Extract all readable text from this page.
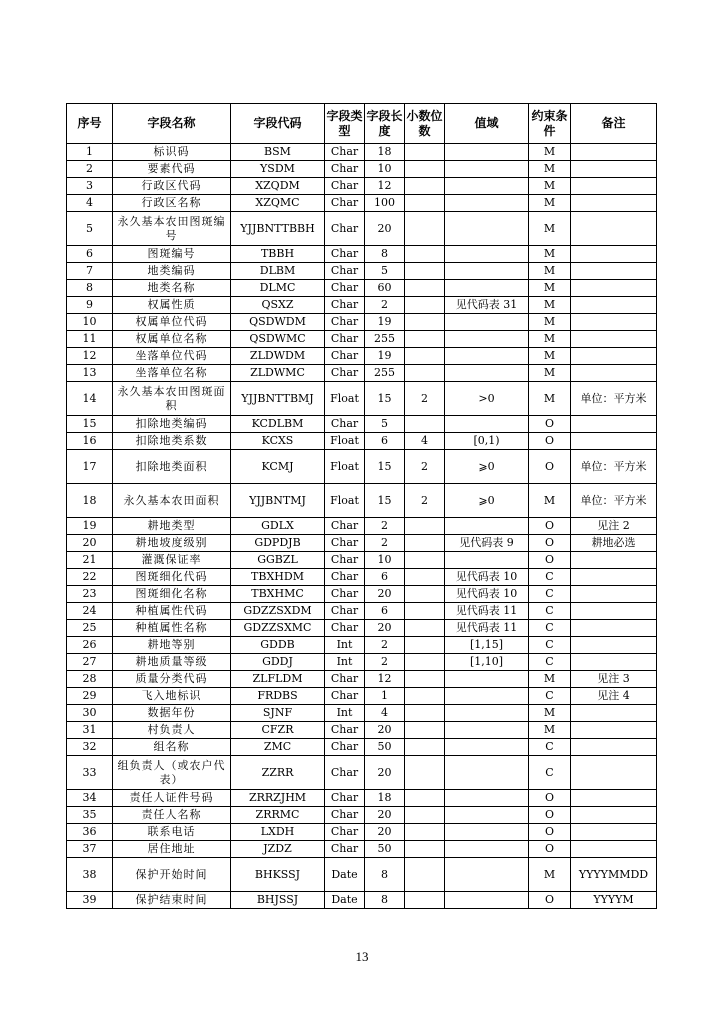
序号	字段名称	字段代码	字段类型	字段长度	小数位数	值域	约束条件	备注
1	标识码	BSM	Char	18			M	
2	要素代码	YSDM	Char	10			M	
3	行政区代码	XZQDM	Char	12			M	
4	行政区名称	XZQMC	Char	100			M	
5	永久基本农田图斑编号	YJJBNTTBBH	Char	20			M	
6	图斑编号	TBBH	Char	8			M	
7	地类编码	DLBM	Char	5			M	
8	地类名称	DLMC	Char	60			M	
9	权属性质	QSXZ	Char	2		见代码表 31	M	
10	权属单位代码	QSDWDM	Char	19			M	
11	权属单位名称	QSDWMC	Char	255			M	
12	坐落单位代码	ZLDWDM	Char	19			M	
13	坐落单位名称	ZLDWMC	Char	255			M	
14	永久基本农田图斑面积	YJJBNTTBMJ	Float	15	2	>0	M	单位：平方米
15	扣除地类编码	KCDLBM	Char	5			O	
16	扣除地类系数	KCXS	Float	6	4	[0,1)	O	
17	扣除地类面积	KCMJ	Float	15	2	⩾0	O	单位：平方米
18	永久基本农田面积	YJJBNTMJ	Float	15	2	⩾0	M	单位：平方米
19	耕地类型	GDLX	Char	2			O	见注 2
20	耕地坡度级别	GDPDJB	Char	2		见代码表 9	O	耕地必选
21	灌溉保证率	GGBZL	Char	10			O	
22	图斑细化代码	TBXHDM	Char	6		见代码表 10	C	
23	图斑细化名称	TBXHMC	Char	20		见代码表 10	C	
24	种植属性代码	GDZZSXDM	Char	6		见代码表 11	C	
25	种植属性名称	GDZZSXMC	Char	20		见代码表 11	C	
26	耕地等别	GDDB	Int	2		[1,15]	C	
27	耕地质量等级	GDDJ	Int	2		[1,10]	C	
28	质量分类代码	ZLFLDM	Char	12			M	见注 3
29	飞入地标识	FRDBS	Char	1			C	见注 4
30	数据年份	SJNF	Int	4			M	
31	村负责人	CFZR	Char	20			M	
32	组名称	ZMC	Char	50			C	
33	组负责人（或农户代表）	ZZRR	Char	20			C	
34	责任人证件号码	ZRRZJHM	Char	18			O	
35	责任人名称	ZRRMC	Char	20			O	
36	联系电话	LXDH	Char	20			O	
37	居住地址	JZDZ	Char	50			O	
38	保护开始时间	BHKSSJ	Date	8			M	YYYYMMDD
39	保护结束时间	BHJSSJ	Date	8			O	YYYYM
13
